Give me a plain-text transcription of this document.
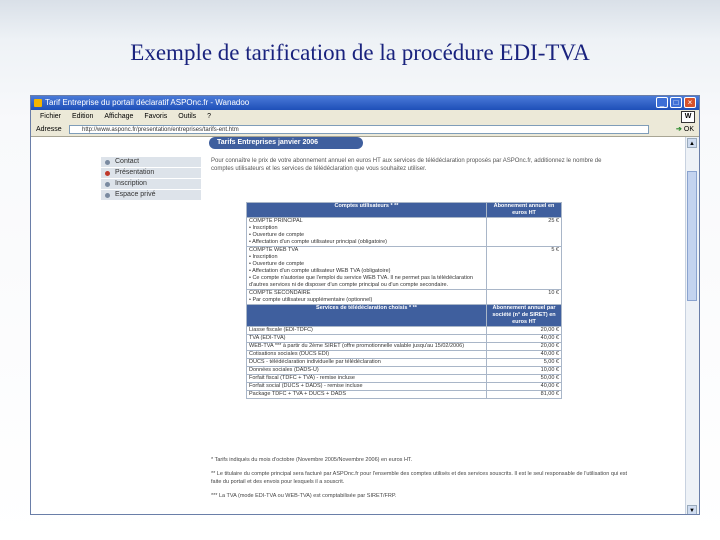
Exemple de tarification de la procédure EDI-TVA
Tarif Entreprise du portail déclaratif ASPOnc.fr - Wanadoo	_	□	×
Fichier Edition Affichage Favoris Outils ?	W
Adresse	http://www.asponc.fr/presentation/entreprises/tarifs-ent.htm	➔ OK
Contact
Présentation
Inscription
Espace privé
Tarifs Entreprises janvier 2006
Pour connaître le prix de votre abonnement annuel en euros HT aux services de télédéclaration proposés par ASPOnc.fr, additionnez le nombre de comptes utilisateurs et les services de télédéclaration que vous souhaitez utiliser.
Comptes utilisateurs * **	Abonnement annuel en euros HT
COMPTE PRINCIPAL
• Inscription
• Ouverture de compte
• Affectation d'un compte utilisateur principal (obligatoire)	25 €
COMPTE WEB TVA
• Inscription
• Ouverture de compte
• Affectation d'un compte utilisateur WEB TVA (obligatoire)
• Ce compte n'autorise que l'emploi du service WEB TVA. Il ne permet pas la télédéclaration d'autres services ni de disposer d'un compte principal ou d'un compte secondaire.	5 €
COMPTE SECONDAIRE
• Par compte utilisateur supplémentaire (optionnel)	10 €
Services de télédéclaration choisis * **	Abonnement annuel par société (n° de SIRET) en euros HT
Liasse fiscale (EDI-TDFC)	20,00 €
TVA (EDI-TVA)	40,00 €
WEB-TVA *** à partir du 2ème SIRET (offre promotionnelle valable jusqu'au 15/02/2006)	20,00 €
Cotisations sociales (DUCS EDI)	40,00 €
DUCS - télédéclaration individuelle par télédéclaration	5,00 €
Données sociales (DADS-U)	10,00 €
Forfait fiscal (TDFC + TVA) - remise incluse	50,00 €
Forfait social (DUCS + DADS) - remise incluse	40,00 €
Package TDFC + TVA + DUCS + DADS	81,00 €

* Tarifs indiqués du mois d'octobre (Novembre 2005/Novembre 2006) en euros HT.

** Le titulaire du compte principal sera facturé par ASPOnc.fr pour l'ensemble des comptes utilisés et des services souscrits. Il est le seul responsable de l'utilisation qui est faite du portail et des envois pour lesquels il a souscrit.

*** La TVA (mode EDI-TVA ou WEB-TVA) est comptabilisée par SIRET/FRP.

▲
▼
